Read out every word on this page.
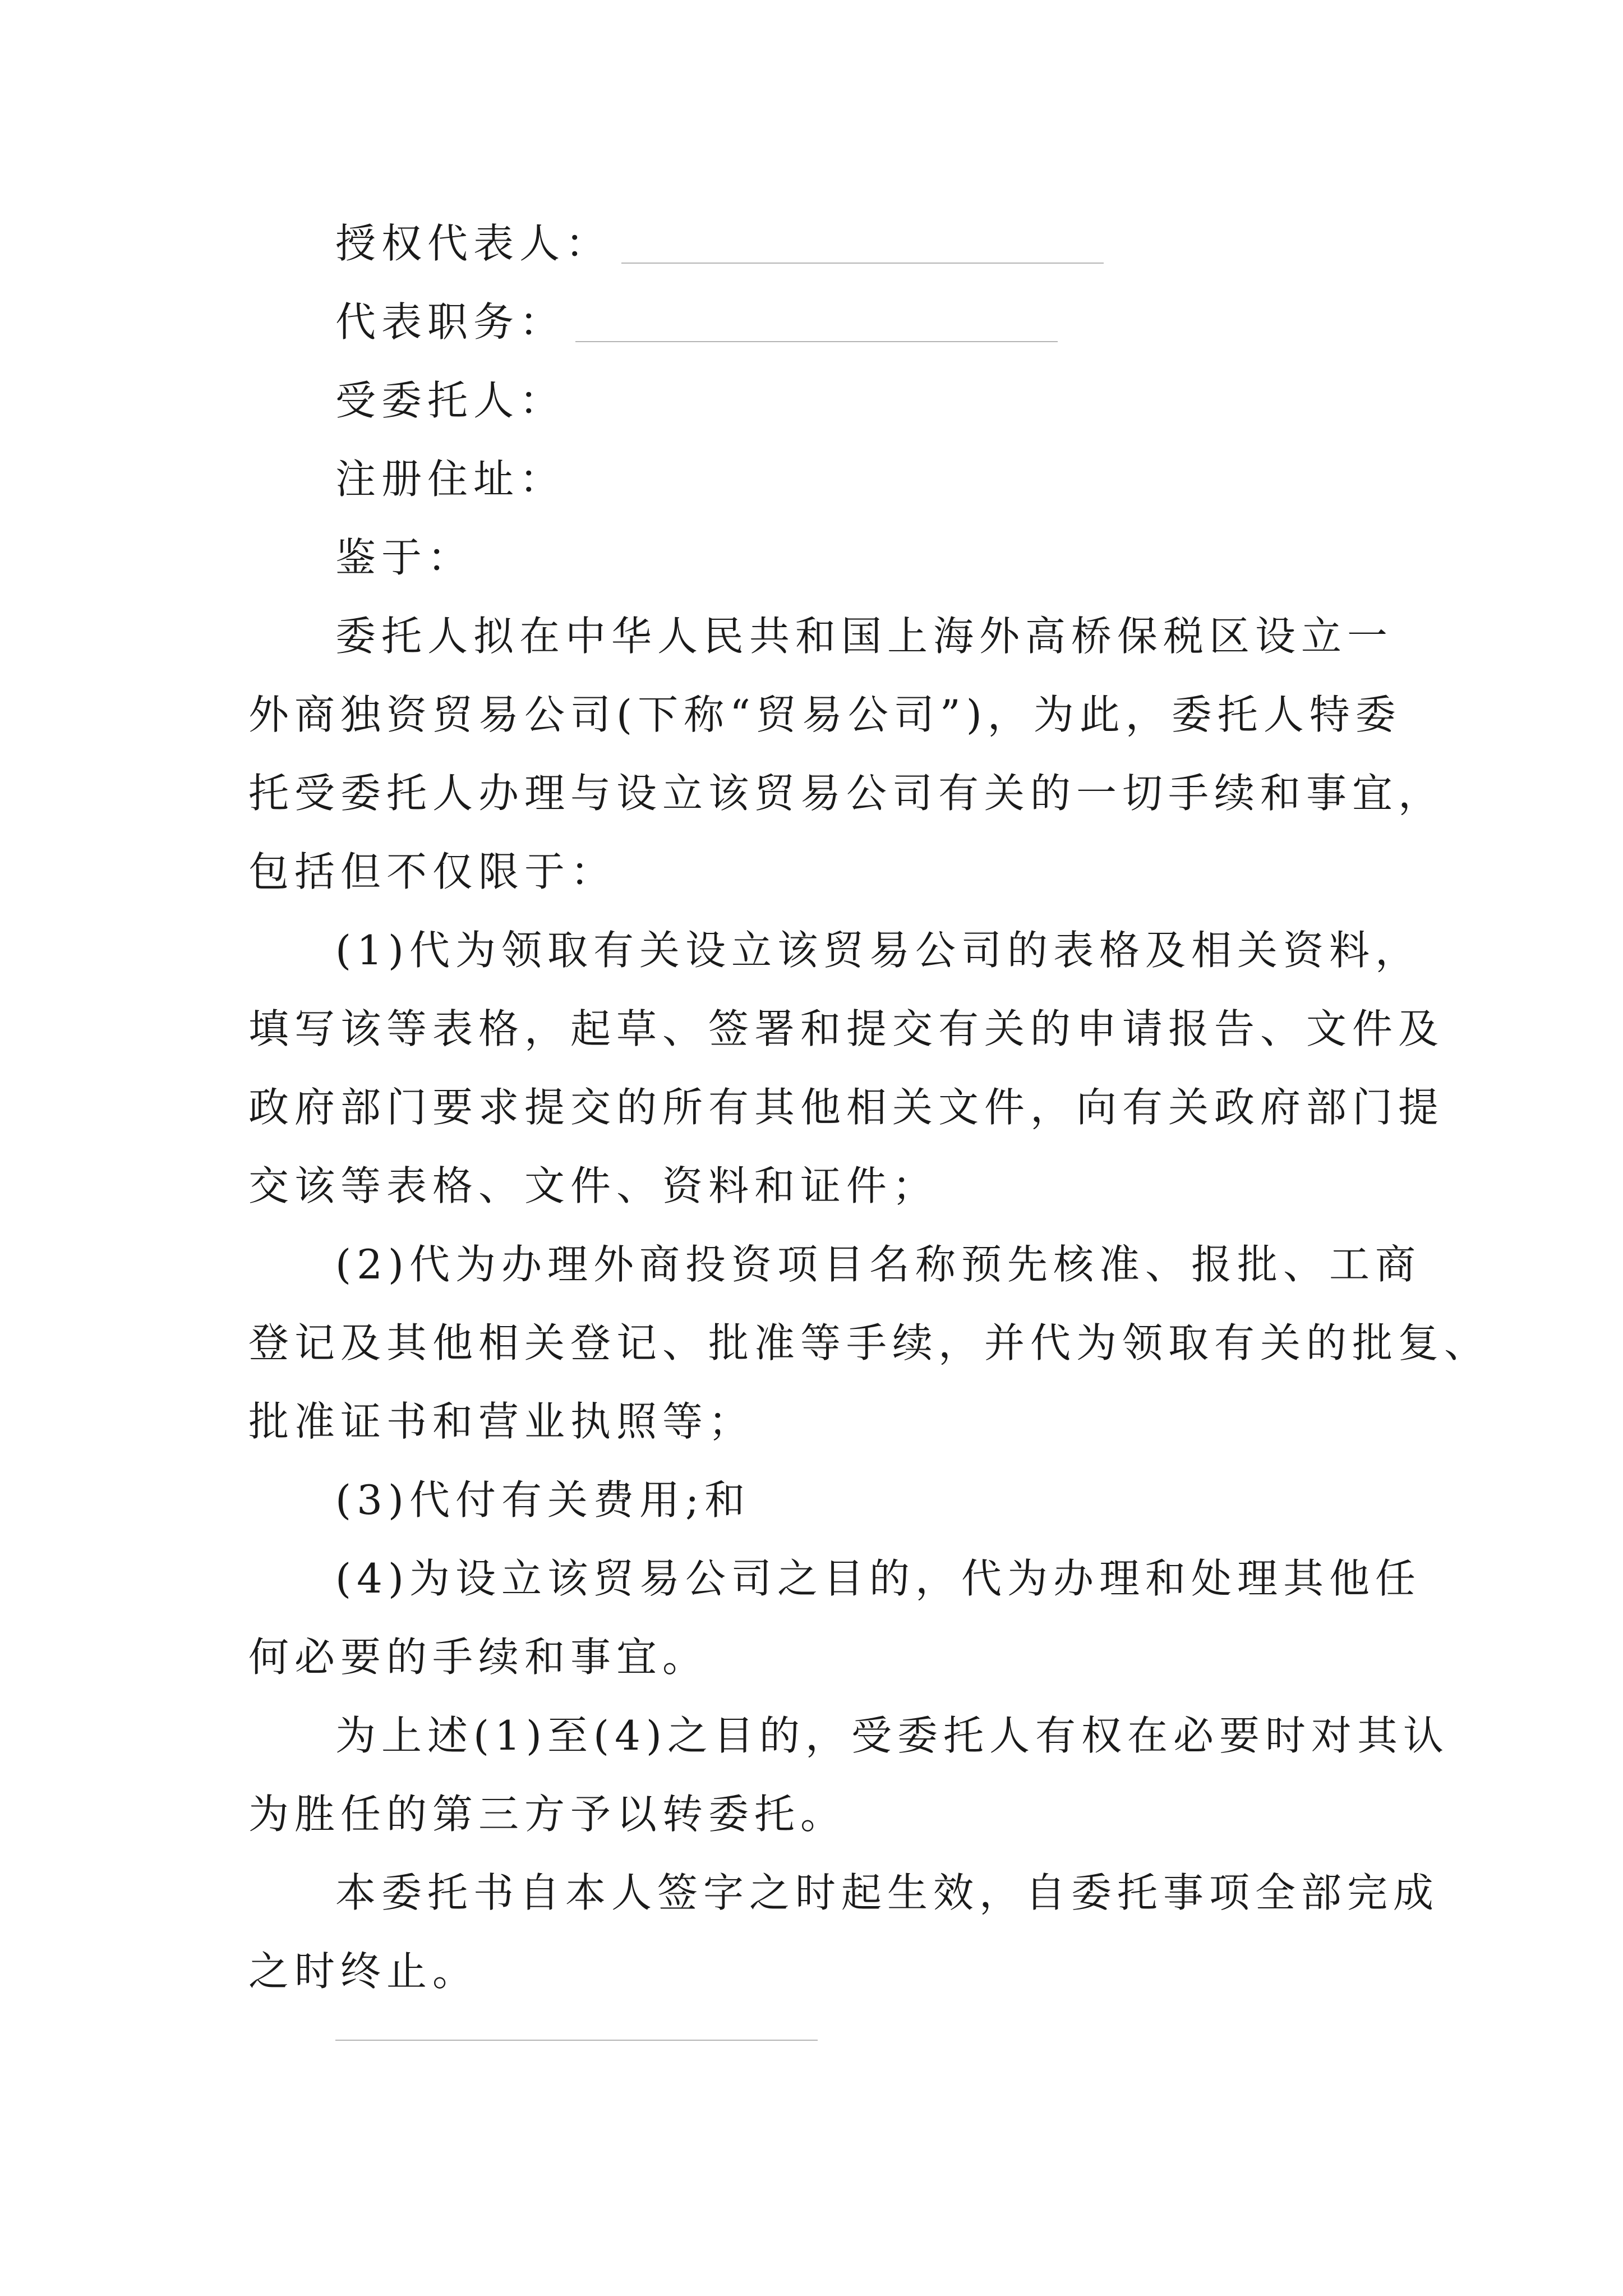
授权代表人：
代表职务：
受委托人：
注册住址：
鉴于：
委托人拟在中华人民共和国上海外高桥保税区设立一
外商独资贸易公司(下称“贸易公司”)，为此，委托人特委
托受委托人办理与设立该贸易公司有关的一切手续和事宜，
包括但不仅限于：
(1)代为领取有关设立该贸易公司的表格及相关资料，
填写该等表格，起草、签署和提交有关的申请报告、文件及
政府部门要求提交的所有其他相关文件，向有关政府部门提
交该等表格、文件、资料和证件；
(2)代为办理外商投资项目名称预先核准、报批、工商
登记及其他相关登记、批准等手续，并代为领取有关的批复、
批准证书和营业执照等；
(3)代付有关费用;和
(4)为设立该贸易公司之目的，代为办理和处理其他任
何必要的手续和事宜。
为上述(1)至(4)之目的，受委托人有权在必要时对其认
为胜任的第三方予以转委托。
本委托书自本人签字之时起生效，自委托事项全部完成
之时终止。
